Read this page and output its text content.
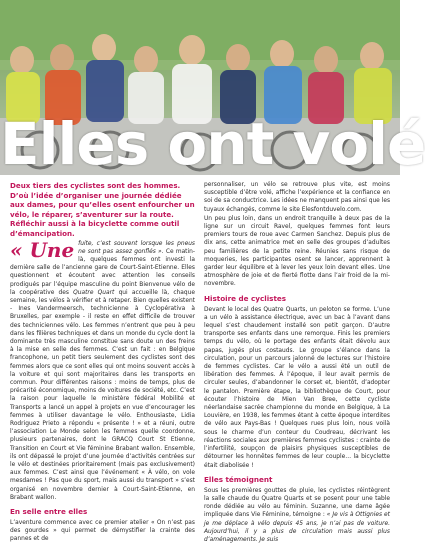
Elles ont volé

Deux tiers des cyclistes sont des hommes. D’où l’idée d’organiser une journée dédiée aux dames, pour qu’elles osent enfourcher un vélo, le réparer, s’aventurer sur la route. Réfléchir aussi à la bicyclette comme outil d’émancipation.

« Une fuite, c’est souvent lorsque les pneus ne sont pas assez gonflés ». Ce matin-là, quelques femmes ont investi la dernière salle de l’ancienne gare de Court-Saint-Etienne. Elles questionnent et écoutent avec attention les conseils prodigués par l’équipe masculine du point Bienvenue vélo de la coopérative des Quatre Quart qui accueille là, chaque semaine, les vélos à vérifier et à retaper. Bien quelles existent - Ines Vandermeersch, technicienne à Cyclopérativa à Bruxelles, par exemple - il reste en effet difficile de trouver des techniciennes vélo. Les femmes n’entrent que peu à peu dans les filières techniques et dans un monde du cycle dont la dominante très masculine constitue sans doute un des freins à la mise en selle des femmes. C’est un fait : en Belgique francophone, un petit tiers seulement des cyclistes sont des femmes alors que ce sont elles qui ont moins souvent accès à la voiture et qui sont majoritaires dans les transports en commun. Pour différentes raisons : moins de temps, plus de précarité économique, moins de voitures de société, etc. C’est la raison pour laquelle le ministère fédéral Mobilité et Transports a lancé un appel à projets en vue d’encourager les femmes à utiliser davantage le vélo. Enthousiaste, Lidia Rodriguez Prieto a répondu « présente ! » et a réuni, outre l’association Le Monde selon les femmes quelle coordonne, plusieurs partenaires, dont le GRACQ Court St Etienne, Transition en Court et Vie féminine Brabant wallon. Ensemble, ils ont dépassé le projet d’une journée d’activités centrées sur le vélo et destinées prioritairement (mais pas exclusivement) aux femmes. C’est ainsi que l’événement « À vélo, on vole mesdames ! Pas que du sport, mais aussi du transport » s’est organisé en novembre dernier à Court-Saint-Etienne, en Brabant wallon.

En selle entre elles

L’aventure commence avec ce premier atelier « On n’est pas des gourdes » qui permet de démystifier la crainte des pannes et de

personnaliser, un vélo se retrouve plus vite, est moins susceptible d’être volé, affiche l’expérience et la confiance en soi de sa conductrice. Les idées ne manquent pas ainsi que les tuyaux échangés, comme le site Elesfontduvelo.com.

Un peu plus loin, dans un endroit tranquille à deux pas de la ligne sur un circuit Ravel, quelques femmes font leurs premiers tours de roue avec Carmen Sanchez. Depuis plus de dix ans, cette animatrice met en selle des groupes d’adultes peu familières de la petite reine. Réunies sans risque de moqueries, les participantes osent se lancer, apprennent à garder leur équilibre et à lever les yeux loin devant elles. Une atmosphère de joie et de fierté flotte dans l’air froid de la mi-novembre.

Histoire de cyclistes

Devant le local des Quatre Quarts, un peloton se forme. L’une a un vélo à assistance électrique, avec un bac à l’avant dans lequel s’est chaudement installé son petit garçon. D’autre transporte ses enfants dans une remorque. Finis les premiers temps du vélo, où le portage des enfants était dévolu aux papas, jugés plus costauds. Le groupe s’élance dans la circulation, pour un parcours jalonné de lectures sur l’histoire de femmes cyclistes. Car le vélo a aussi été un outil de libération des femmes. À l’époque, il leur avait permis de circuler seules, d’abandonner le corset et, bientôt, d’adopter le pantalon. Première étape, la bibliothèque de Court, pour écouter l’histoire de Mien Van Bree, cette cycliste néerlandaise sacrée championne du monde en Belgique, à La Louvière, en 1938, les femmes étant à cette époque interdites de vélo aux Pays-Bas ! Quelques rues plus loin, nous voilà sous le charme d’un conteur du Coudreau, décrivant les réactions sociales aux premières femmes cyclistes : crainte de l’infertilité, soupçon de plaisirs physiques susceptibles de détourner les honnêtes femmes de leur couple… la bicyclette était diabolisée !

Elles témoignent

Sous les premières gouttes de pluie, les cyclistes réintègrent la salle chaude du Quatre Quarts et se posent pour une table ronde dédiée au vélo au féminin. Suzanne, une dame âgée impliquée dans Vie Féminine, témoigne : « Je vis à Ottignies et je me déplace à vélo depuis 45 ans, je n’ai pas de voiture. Aujourd’hui, il y a plus de circulation mais aussi plus d’aménagements. Je suis
